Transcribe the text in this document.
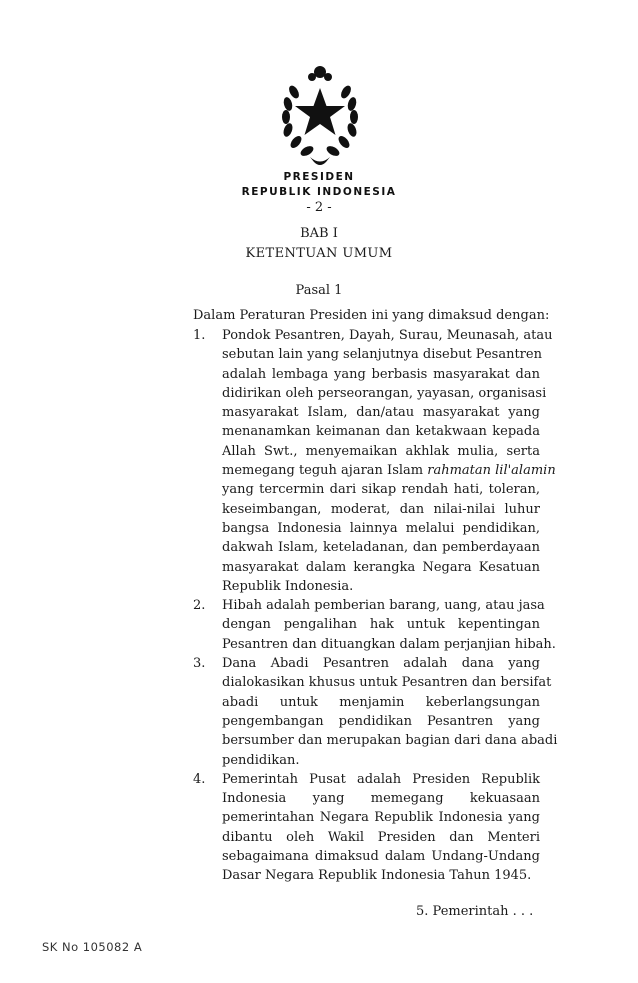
PRESIDEN
REPUBLIK INDONESIA
- 2 -
BAB I
KETENTUAN UMUM
Pasal 1
Dalam Peraturan Presiden ini yang dimaksud dengan:
1. Pondok Pesantren, Dayah, Surau, Meunasah, atau
sebutan lain yang selanjutnya disebut Pesantren
adalah lembaga yang berbasis masyarakat dan
didirikan oleh perseorangan, yayasan, organisasi
masyarakat Islam, dan/atau masyarakat yang
menanamkan keimanan dan ketakwaan kepada
Allah Swt., menyemaikan akhlak mulia, serta
memegang teguh ajaran Islam rahmatan lil'alamin
yang tercermin dari sikap rendah hati, toleran,
keseimbangan, moderat, dan nilai-nilai luhur
bangsa Indonesia lainnya melalui pendidikan,
dakwah Islam, keteladanan, dan pemberdayaan
masyarakat dalam kerangka Negara Kesatuan
Republik Indonesia.
2. Hibah adalah pemberian barang, uang, atau jasa
dengan pengalihan hak untuk kepentingan
Pesantren dan dituangkan dalam perjanjian hibah.
3. Dana Abadi Pesantren adalah dana yang
dialokasikan khusus untuk Pesantren dan bersifat
abadi untuk menjamin keberlangsungan
pengembangan pendidikan Pesantren yang
bersumber dan merupakan bagian dari dana abadi
pendidikan.
4. Pemerintah Pusat adalah Presiden Republik
Indonesia yang memegang kekuasaan
pemerintahan Negara Republik Indonesia yang
dibantu oleh Wakil Presiden dan Menteri
sebagaimana dimaksud dalam Undang-Undang
Dasar Negara Republik Indonesia Tahun 1945.
5. Pemerintah . . .
SK No 105082 A
